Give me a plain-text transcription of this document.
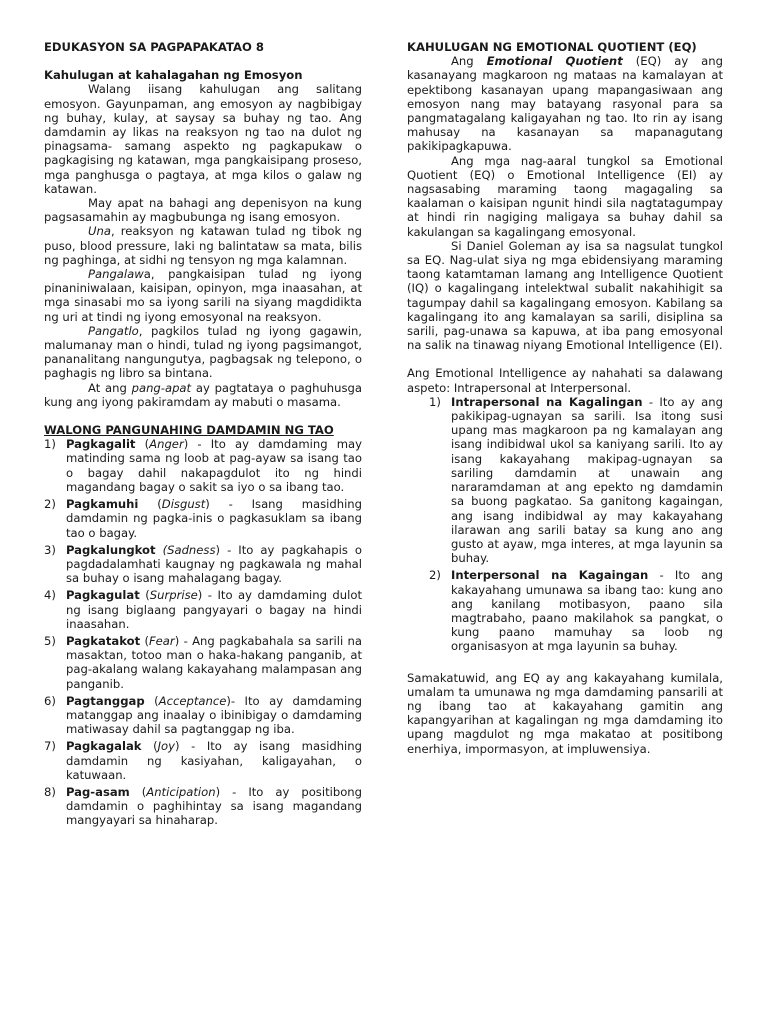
EDUKASYON SA PAGPAPAKATAO 8
Kahulugan at kahalagahan ng Emosyon

Walang iisang kahulugan ang salitang emosyon. Gayunpaman, ang emosyon ay nagbibigay ng buhay, kulay, at saysay sa buhay ng tao. Ang damdamin ay likas na reaksyon ng tao na dulot ng pinagsama- samang aspekto ng pagkapukaw o pagkagising ng katawan, mga pangkaisipang proseso, mga panghusga o pagtaya, at mga kilos o galaw ng katawan.

May apat na bahagi ang depenisyon na kung pagsasamahin ay magbubunga ng isang emosyon.

Una, reaksyon ng katawan tulad ng tibok ng puso, blood pressure, laki ng balintataw sa mata, bilis ng paghinga, at sidhi ng tensyon ng mga kalamnan.

Pangalawa, pangkaisipan tulad ng iyong pinaniniwalaan, kaisipan, opinyon, mga inaasahan, at mga sinasabi mo sa iyong sarili na siyang magdidikta ng uri at tindi ng iyong emosyonal na reaksyon.

Pangatlo, pagkilos tulad ng iyong gagawin, malumanay man o hindi, tulad ng iyong pagsimangot, pananalitang nangungutya, pagbagsak ng telepono, o paghagis ng libro sa bintana.

At ang pang-apat ay pagtataya o paghuhusga kung ang iyong pakiramdam ay mabuti o masama.

WALONG PANGUNAHING DAMDAMIN NG TAO
1) Pagkagalit (Anger) - Ito ay damdaming may matinding sama ng loob at pag-ayaw sa isang tao o bagay dahil nakapagdulot ito ng hindi magandang bagay o sakit sa iyo o sa ibang tao.
2) Pagkamuhi (Disgust) - Isang masidhing damdamin ng pagka-inis o pagkasuklam sa ibang tao o bagay.
3) Pagkalungkot (Sadness) - Ito ay pagkahapis o pagdadalamhati kaugnay ng pagkawala ng mahal sa buhay o isang mahalagang bagay.
4) Pagkagulat (Surprise) - Ito ay damdaming dulot ng isang biglaang pangyayari o bagay na hindi inaasahan.
5) Pagkatakot (Fear) - Ang pagkabahala sa sarili na masaktan, totoo man o haka-hakang panganib, at pag-akalang walang kakayahang malampasan ang panganib.
6) Pagtanggap (Acceptance)- Ito ay damdaming matanggap ang inaalay o ibinibigay o damdaming matiwasay dahil sa pagtanggap ng iba.
7) Pagkagalak (Joy) - Ito ay isang masidhing damdamin ng kasiyahan, kaligayahan, o katuwaan.
8) Pag-asam (Anticipation) - Ito ay positibong damdamin o paghihintay sa isang magandang mangyayari sa hinaharap.
KAHULUGAN NG EMOTIONAL QUOTIENT (EQ)

Ang Emotional Quotient (EQ) ay ang kasanayang magkaroon ng mataas na kamalayan at epektibong kasanayan upang mapangasiwaan ang emosyon nang may batayang rasyonal para sa pangmatagalang kaligayahan ng tao. Ito rin ay isang mahusay na kasanayan sa mapanagutang pakikipagkapuwa.

Ang mga nag-aaral tungkol sa Emotional Quotient (EQ) o Emotional Intelligence (EI) ay nagsasabing maraming taong magagaling sa kaalaman o kaisipan ngunit hindi sila nagtatagumpay at hindi rin nagiging maligaya sa buhay dahil sa kakulangan sa kagalingang emosyonal.

Si Daniel Goleman ay isa sa nagsulat tungkol sa EQ. Nag-ulat siya ng mga ebidensiyang maraming taong katamtaman lamang ang Intelligence Quotient (IQ) o kagalingang intelektwal subalit nakahihigit sa tagumpay dahil sa kagalingang emosyon. Kabilang sa kagalingang ito ang kamalayan sa sarili, disiplina sa sarili, pag-unawa sa kapuwa, at iba pang emosyonal na salik na tinawag niyang Emotional Intelligence (EI).

Ang Emotional Intelligence ay nahahati sa dalawang aspeto: Intrapersonal at Interpersonal.

1) Intrapersonal na Kagalingan - Ito ay ang pakikipag-ugnayan sa sarili. Isa itong susi upang mas magkaroon pa ng kamalayan ang isang indibidwal ukol sa kaniyang sarili. Ito ay isang kakayahang makipag-ugnayan sa sariling damdamin at unawain ang nararamdaman at ang epekto ng damdamin sa buong pagkatao. Sa ganitong kagaingan, ang isang indibidwal ay may kakayahang ilarawan ang sarili batay sa kung ano ang gusto at ayaw, mga interes, at mga layunin sa buhay.
2) Interpersonal na Kagaingan - Ito ang kakayahang umunawa sa ibang tao: kung ano ang kanilang motibasyon, paano sila magtrabaho, paano makilahok sa pangkat, o kung paano mamuhay sa loob ng organisasyon at mga layunin sa buhay.

Samakatuwid, ang EQ ay ang kakayahang kumilala, umalam ta umunawa ng mga damdaming pansarili at ng ibang tao at kakayahang gamitin ang kapangyarihan at kagalingan ng mga damdaming ito upang magdulot ng mga makatao at positibong enerhiya, impormasyon, at impluwensiya.
